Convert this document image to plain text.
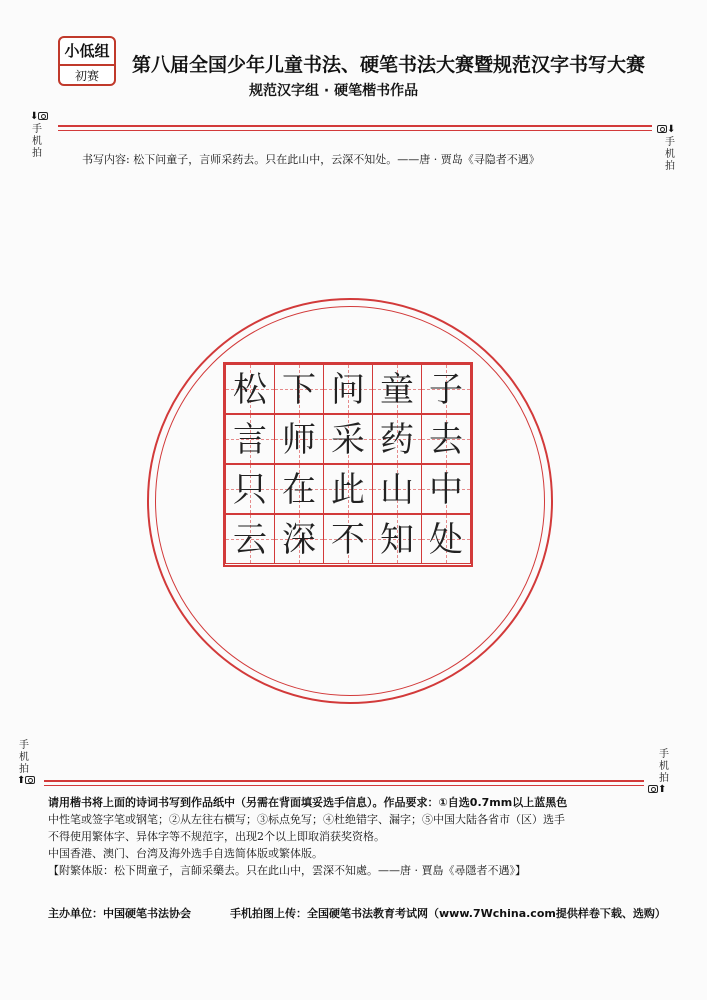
小低组
初赛	第八届全国少年儿童书法、硬笔书法大赛暨规范汉字书写大赛
规范汉字组 · 硬笔楷书作品
⬇
手
机
拍
⬇
手
机
拍
书写内容: 松下问童子，言师采药去。只在此山中，云深不知处。——唐 · 贾岛《寻隐者不遇》
松 下 问 童 子
言 师 采 药 去
只 在 此 山 中
云 深 不 知 处
手
机
拍
⬆
手
机
拍
⬆
请用楷书将上面的诗词书写到作品纸中（另需在背面填妥选手信息）。作品要求：①自选0.7mm以上蓝黑色
中性笔或签字笔或钢笔；②从左往右横写；③标点免写；④杜绝错字、漏字；⑤中国大陆各省市（区）选手
不得使用繁体字、异体字等不规范字，出现2个以上即取消获奖资格。
中国香港、澳门、台湾及海外选手自选简体版或繁体版。
【附繁体版：松下問童子，言師采藥去。只在此山中，雲深不知處。——唐 · 賈島《尋隱者不遇》】
主办单位：中国硬笔书法协会	手机拍图上传：全国硬笔书法教育考试网（www.7Wchina.com提供样卷下载、选购）
